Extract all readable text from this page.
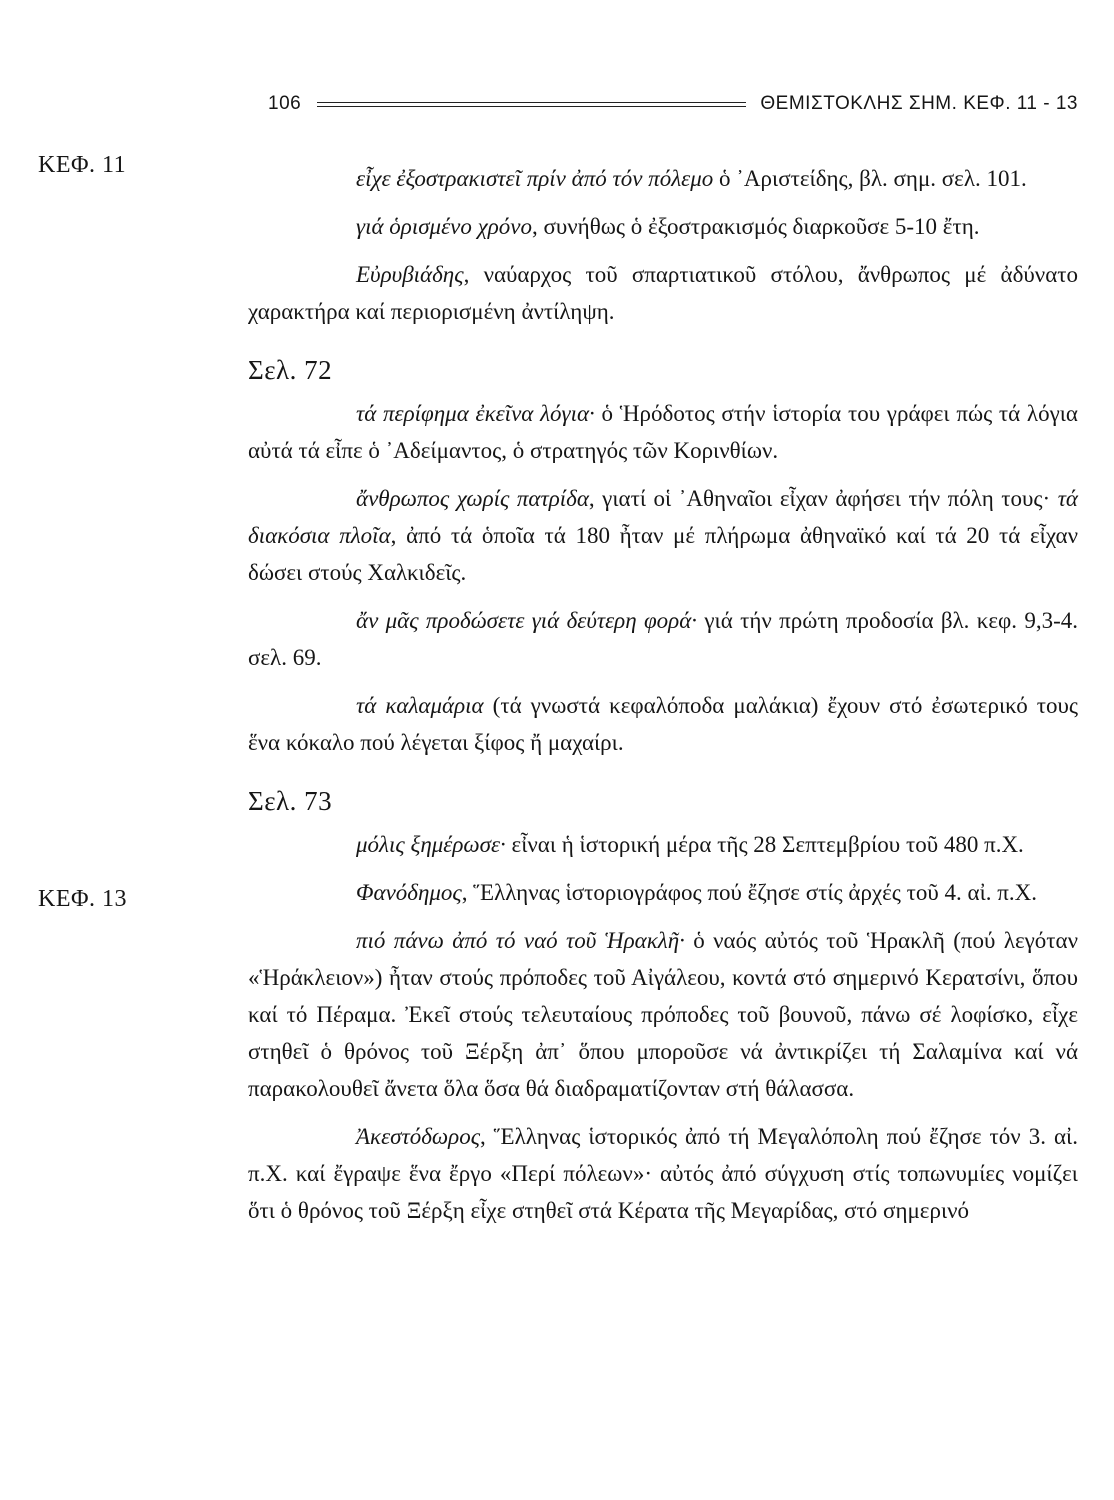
106	ΘΕΜΙΣΤΟΚΛΗΣ ΣΗΜ. ΚΕΦ. 11 - 13
ΚΕΦ. 11
ΚΕΦ. 13

εἶχε ἐξοστρακιστεῖ πρίν ἀπό τόν πόλεμο ὁ ᾿Αριστείδης, βλ. σημ. σελ. 101.

γιά ὁρισμένο χρόνο, συνήθως ὁ ἐξοστρακισμός διαρκοῦσε 5-10 ἔτη.

Εὐρυβιάδης, ναύαρχος τοῦ σπαρτιατικοῦ στόλου, ἄνθρωπος μέ ἀδύνατο χαρακτήρα καί περιορισμένη ἀντίληψη.

Σελ. 72

τά περίφημα ἐκεῖνα λόγια· ὁ Ἡρόδοτος στήν ἱστορία του γράφει πώς τά λόγια αὐτά τά εἶπε ὁ ᾿Αδείμαντος, ὁ στρατηγός τῶν Κορινθίων.

ἄνθρωπος χωρίς πατρίδα, γιατί οἱ ᾿Αθηναῖοι εἶχαν ἀφήσει τήν πόλη τους· τά διακόσια πλοῖα, ἀπό τά ὁποῖα τά 180 ἦταν μέ πλήρωμα ἀθηναϊκό καί τά 20 τά εἶχαν δώσει στούς Χαλκιδεῖς.

ἄν μᾶς προδώσετε γιά δεύτερη φορά· γιά τήν πρώτη προδοσία βλ. κεφ. 9,3-4. σελ. 69.

τά καλαμάρια (τά γνωστά κεφαλόποδα μαλάκια) ἔχουν στό ἐσωτερικό τους ἕνα κόκαλο πού λέγεται ξίφος ἤ μαχαίρι.

Σελ. 73

μόλις ξημέρωσε· εἶναι ἡ ἱστορική μέρα τῆς 28 Σεπτεμβρίου τοῦ 480 π.Χ.

Φανόδημος, Ἕλληνας ἱστοριογράφος πού ἔζησε στίς ἀρχές τοῦ 4. αἰ. π.Χ.

πιό πάνω ἀπό τό ναό τοῦ Ἡρακλῆ· ὁ ναός αὐτός τοῦ Ἡρακλῆ (πού λεγόταν «Ἡράκλειον») ἦταν στούς πρόποδες τοῦ Αἰγάλεου, κοντά στό σημερινό Κερατσίνι, ὅπου καί τό Πέραμα. Ἐκεῖ στούς τελευταίους πρόποδες τοῦ βουνοῦ, πάνω σέ λοφίσκο, εἶχε στηθεῖ ὁ θρόνος τοῦ Ξέρξη ἀπ᾿ ὅπου μποροῦσε νά ἀντικρίζει τή Σαλαμίνα καί νά παρακολουθεῖ ἄνετα ὅλα ὅσα θά διαδραματίζονταν στή θάλασσα.

Ἀκεστόδωρος, Ἕλληνας ἱστορικός ἀπό τή Μεγαλόπολη πού ἔζησε τόν 3. αἰ. π.Χ. καί ἔγραψε ἕνα ἔργο «Περί πόλεων»· αὐτός ἀπό σύγχυση στίς τοπωνυμίες νομίζει ὅτι ὁ θρόνος τοῦ Ξέρξη εἶχε στηθεῖ στά Κέρατα τῆς Μεγαρίδας, στό σημερινό
